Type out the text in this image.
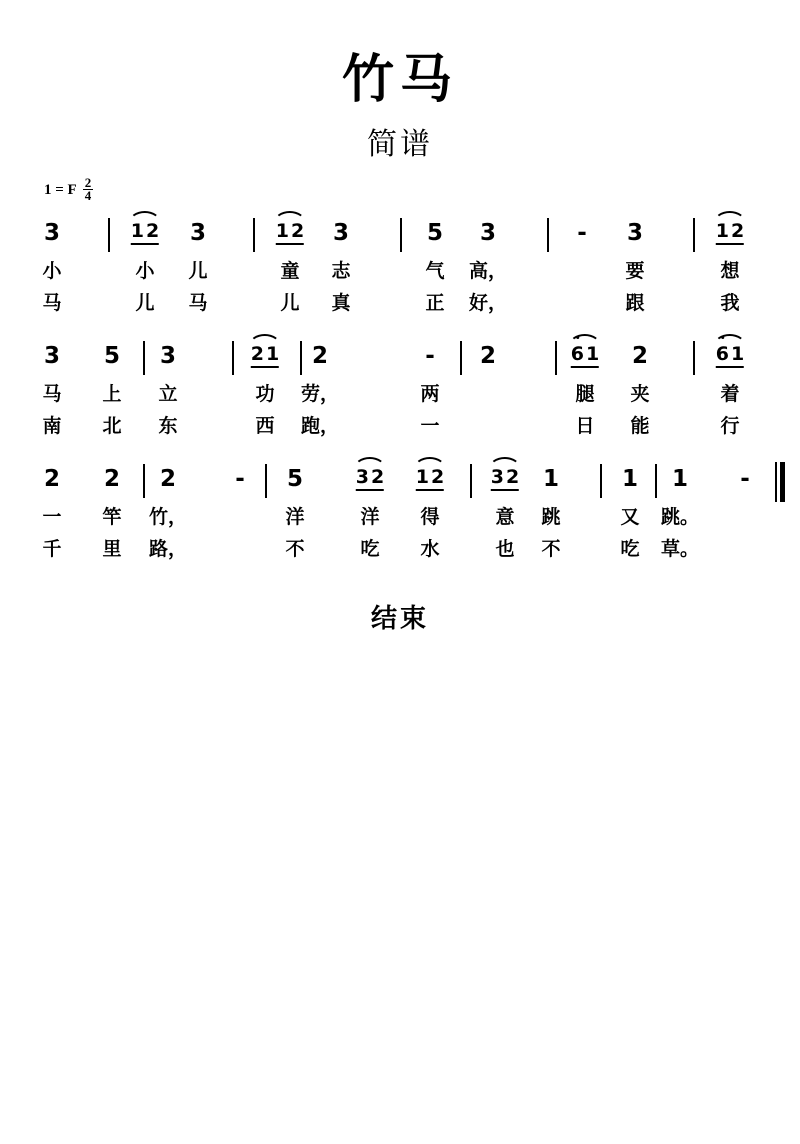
竹马
简谱
1 = F $\frac{2}{4}$
3
小
马
1 2
小
儿
3
儿
马
1 2
童
儿
3
志
真
5
气
正
3
高，
好，
- 3
要
跟
1 2
想
我
3
马
南
5
上
北
3
立
东
2 1
功
西
2
劳，
跑，
-
两
一
2	6 1
腿
日
2
夹
能
6 1
着
行
2
一
千
2
竿
里
2
竹，
路，
- 5
洋
不
3 2
洋
吃
1 2
得
水
3 2
意
也
1
跳
不
1
又
吃
1
跳。
草。
-
结束
